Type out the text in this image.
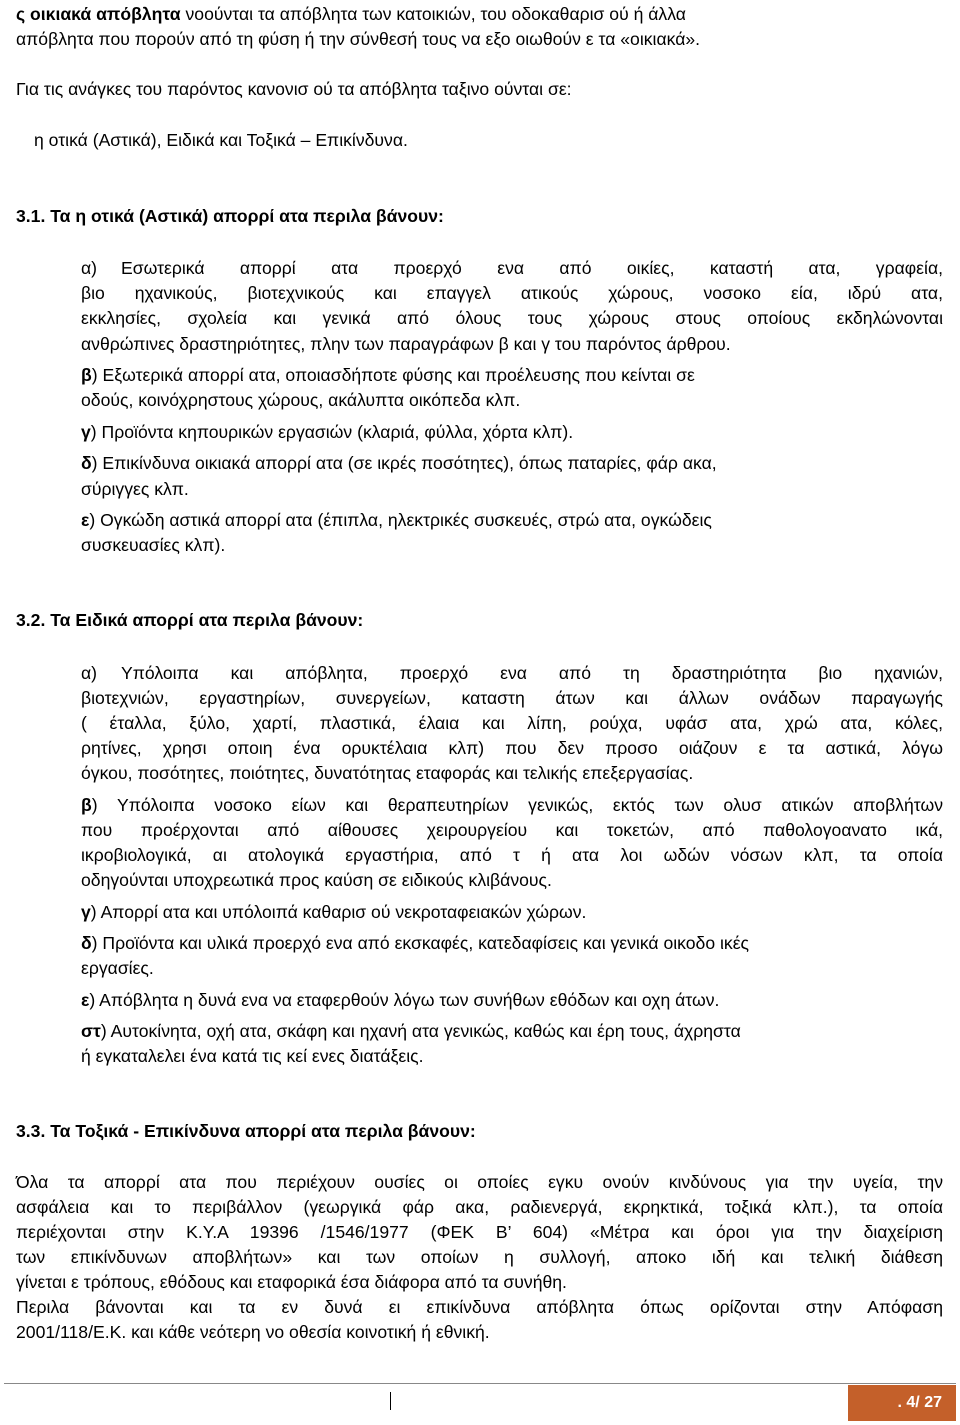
ς οικιακά απόβλητα νοούνται τα απόβλητα των κατοικιών, του οδοκαθαρισ ού ή άλλα
απόβλητα που πορούν από τη φύση ή την σύνθεσή τους να εξο οιωθούν ε τα «οικιακά».
Για τις ανάγκες του παρόντος κανονισ ού τα απόβλητα ταξινο ούνται σε:
η οτικά (Αστικά), Ειδικά και Τοξικά – Επικίνδυνα.
3.1. Τα η οτικά (Αστικά) απορρί ατα περιλα βάνουν:
α) Εσωτερικά απορρί ατα προερχό ενα από οικίες, καταστή ατα, γραφεία,
βιο ηχανικούς, βιοτεχνικούς και επαγγελ ατικούς χώρους, νοσοκο εία, ιδρύ ατα,
εκκλησίες, σχολεία και γενικά από όλους τους χώρους στους οποίους εκδηλώνονται
ανθρώπινες δραστηριότητες, πλην των παραγράφων β και γ του παρόντος άρθρου.
β) Εξωτερικά απορρί ατα, οποιασδήποτε φύσης και προέλευσης που κείνται σε
οδούς, κοινόχρηστους χώρους, ακάλυπτα οικόπεδα κλπ.
γ) Προϊόντα κηπουρικών εργασιών (κλαριά, φύλλα, χόρτα κλπ).
δ) Επικίνδυνα οικιακά απορρί ατα (σε ικρές ποσότητες), όπως παταρίες, φάρ ακα,
σύριγγες κλπ.
ε) Ογκώδη αστικά απορρί ατα (έπιπλα, ηλεκτρικές συσκευές, στρώ ατα, ογκώδεις
συσκευασίες κλπ).
3.2. Τα Ειδικά απορρί ατα περιλα βάνουν:
α) Υπόλοιπα και απόβλητα, προερχό ενα από τη δραστηριότητα βιο ηχανιών,
βιοτεχνιών, εργαστηρίων, συνεργείων, καταστη άτων και άλλων ονάδων παραγωγής
( έταλλα, ξύλο, χαρτί, πλαστικά, έλαια και λίπη, ρούχα, υφάσ ατα, χρώ ατα, κόλες,
ρητίνες, χρησι οποιη ένα ορυκτέλαια κλπ) που δεν προσο οιάζουν ε τα αστικά, λόγω
όγκου, ποσότητες, ποιότητες, δυνατότητας εταφοράς και τελικής επεξεργασίας.
β) Υπόλοιπα νοσοκο είων και θεραπευτηρίων γενικώς, εκτός των ολυσ ατικών αποβλήτων
που προέρχονται από αίθουσες χειρουργείου και τοκετών, από παθολογοανατο ικά,
ικροβιολογικά, αι ατολογικά εργαστήρια, από τ ή ατα λοι ωδών νόσων κλπ, τα οποία
οδηγούνται υποχρεωτικά προς καύση σε ειδικούς κλιβάνους.
γ) Απορρί ατα και υπόλοιπά καθαρισ ού νεκροταφειακών χώρων.
δ) Προϊόντα και υλικά προερχό ενα από εκσκαφές, κατεδαφίσεις και γενικά οικοδο ικές
εργασίες.
ε) Απόβλητα η δυνά ενα να εταφερθούν λόγω των συνήθων εθόδων και οχη άτων.
στ) Αυτοκίνητα, οχή ατα, σκάφη και ηχανή ατα γενικώς, καθώς και έρη τους, άχρηστα
ή εγκαταλελει ένα κατά τις κεί ενες διατάξεις.
3.3. Τα Τοξικά - Επικίνδυνα απορρί ατα περιλα βάνουν:
Όλα τα απορρί ατα που περιέχουν ουσίες οι οποίες εγκυ ονούν κινδύνους για την υγεία, την
ασφάλεια και το περιβάλλον (γεωργικά φάρ ακα, ραδιενεργά, εκρηκτικά, τοξικά κλπ.), τα οποία
περιέχονται στην Κ.Υ.Α 19396 /1546/1977 (ΦΕΚ Β’ 604) «Μέτρα και όροι για την διαχείριση
των επικίνδυνων αποβλήτων» και των οποίων η συλλογή, αποκο ιδή και τελική διάθεση
γίνεται ε τρόπους, εθόδους και εταφορικά έσα διάφορα από τα συνήθη.
Περιλα βάνονται και τα εν δυνά ει επικίνδυνα απόβλητα όπως ορίζονται στην Απόφαση
2001/118/Ε.Κ. και κάθε νεότερη νο οθεσία κοινοτική ή εθνική.
. 4/ 27
